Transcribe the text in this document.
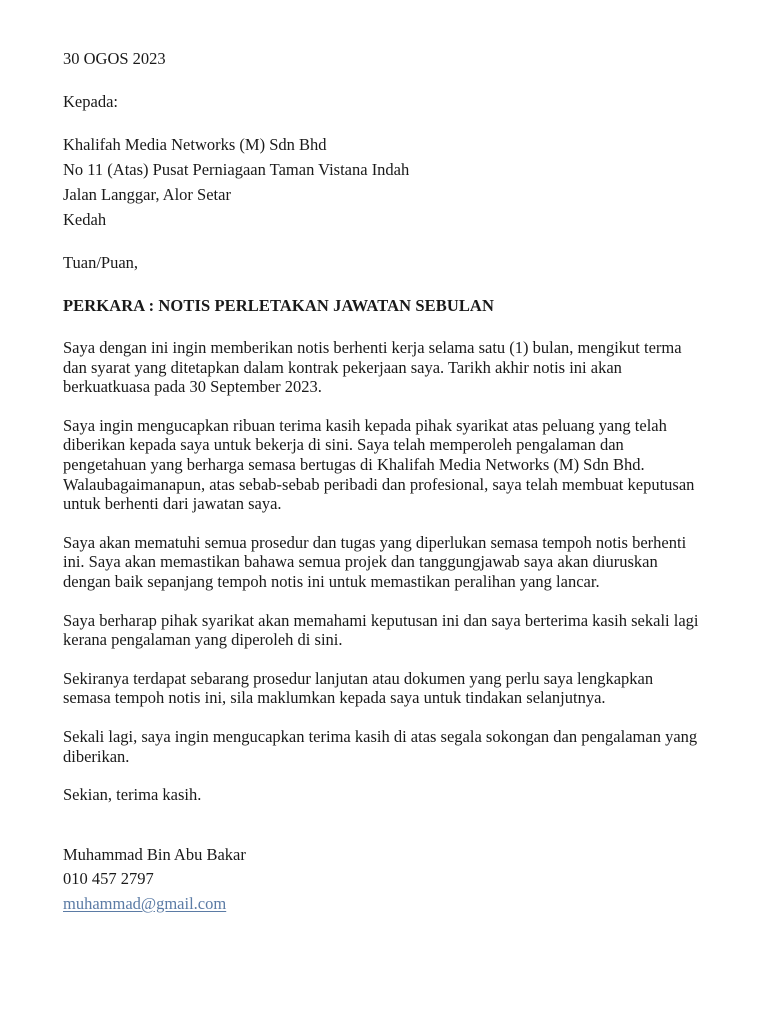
30 OGOS 2023
Kepada:
Khalifah Media Networks (M) Sdn Bhd
No 11 (Atas) Pusat Perniagaan Taman Vistana Indah
Jalan Langgar, Alor Setar
Kedah
Tuan/Puan,
PERKARA : NOTIS PERLETAKAN JAWATAN SEBULAN
Saya dengan ini ingin memberikan notis berhenti kerja selama satu (1) bulan, mengikut terma dan syarat yang ditetapkan dalam kontrak pekerjaan saya. Tarikh akhir notis ini akan berkuatkuasa pada 30 September 2023.
Saya ingin mengucapkan ribuan terima kasih kepada pihak syarikat atas peluang yang telah diberikan kepada saya untuk bekerja di sini. Saya telah memperoleh pengalaman dan pengetahuan yang berharga semasa bertugas di Khalifah Media Networks (M) Sdn Bhd. Walaubagaimanapun, atas sebab-sebab peribadi dan profesional, saya telah membuat keputusan untuk berhenti dari jawatan saya.
Saya akan mematuhi semua prosedur dan tugas yang diperlukan semasa tempoh notis berhenti ini. Saya akan memastikan bahawa semua projek dan tanggungjawab saya akan diuruskan dengan baik sepanjang tempoh notis ini untuk memastikan peralihan yang lancar.
Saya berharap pihak syarikat akan memahami keputusan ini dan saya berterima kasih sekali lagi kerana pengalaman yang diperoleh di sini.
Sekiranya terdapat sebarang prosedur lanjutan atau dokumen yang perlu saya lengkapkan semasa tempoh notis ini, sila maklumkan kepada saya untuk tindakan selanjutnya.
Sekali lagi, saya ingin mengucapkan terima kasih di atas segala sokongan dan pengalaman yang diberikan.
Sekian, terima kasih.
Muhammad Bin Abu Bakar
010 457 2797
muhammad@gmail.com
